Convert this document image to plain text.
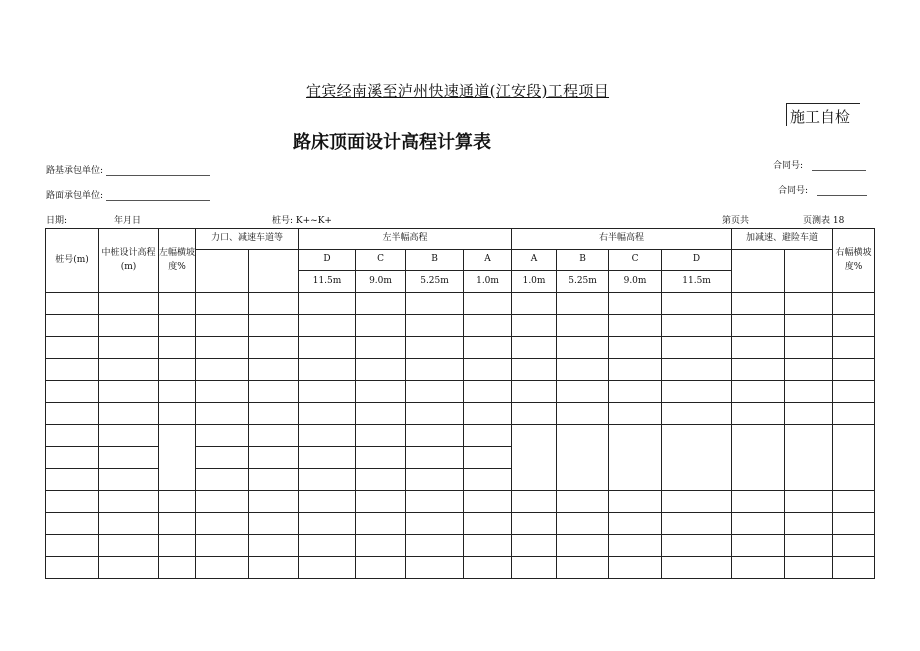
宜宾经南溪至泸州快速通道(江安段)工程项目
施工自检
路床顶面设计高程计算表
路基承包单位:
路面承包单位:
合同号:
合同号:
日期:	年月日	桩号: K+~K+	第页共	页测表 18
桩号(m)	中桩设计高程(m)	左幅横坡度%	力口、减速车道等		左半幅高程				右半幅高程				加减速、避险车道		右幅横坡度%
					D	C	B	A	A	B	C	D			
					11.5m	9.0m	5.25m	1.0m	1.0m	5.25m	9.0m	11.5m			
